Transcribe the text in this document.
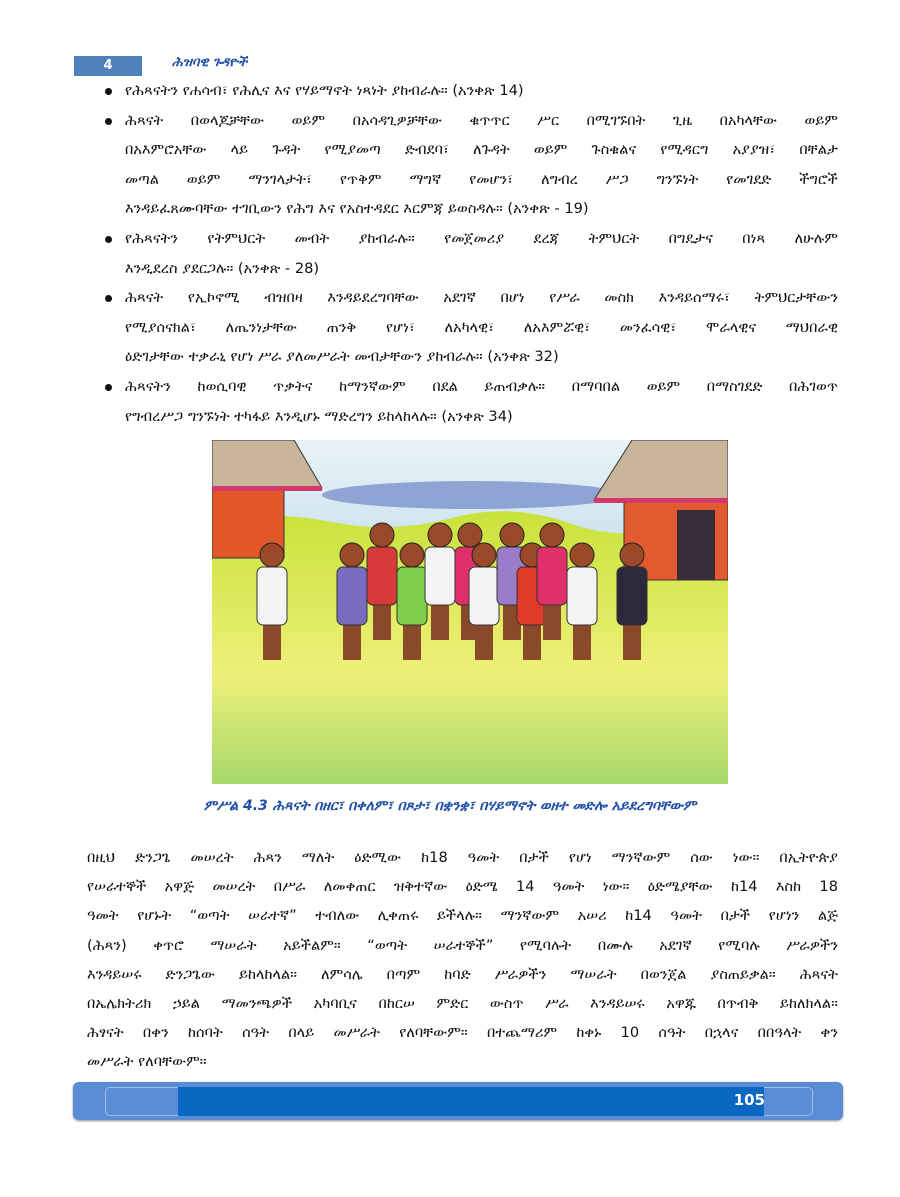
4	ሕዝባዊ ጉዳዮች
የሕጻናትን የሐሳብ፣ የሕሊና እና የሃይማኖት ነጻነት ያከብራሉ። (አንቀጽ 14)
ሕጻናት በወላጆቻቸው ወይም በአሳዳጊዎቻቸው ቁጥጥር ሥር በሚገኙበት ጊዜ በአካላቸው ወይም
በአእምሮአቸው ላይ ጉዳት የሚያመጣ ድብደባ፣ ለጉዳት ወይም ጉስቁልና የሚዳርግ አያያዝ፣ በቸልታ
መጣል ወይም ማንገላታት፣ የጥቅም ማግኛ የመሆን፣ ለግብረ ሥጋ ግንኙነት የመገደድ ችግሮች
እንዳይፈጸሙባቸው ተገቢውን የሕግ እና የአስተዳደር እርምጃ ይወስዳሉ። (አንቀጽ - 19)
የሕጻናትን የትምህርት መብት ያከብራሉ። የመጀመሪያ ደረጃ ትምህርት በግዴታና በነጻ ለሁሉም
እንዲደረስ ያደርጋሉ። (አንቀጽ - 28)
ሕጻናት የኢኮኖሚ ብዝበዛ እንዳይደረግባቸው አደገኛ በሆነ የሥራ መስክ እንዳይሰማሩ፣ ትምህርታቸውን
የሚያሰናክል፣ ለጤንነታቸው ጠንቅ የሆነ፣ ለአካላዊ፣ ለአእምሯዊ፣ መንፈሳዊ፣ ሞራላዊና ማህበራዊ
ዕድገታቸው ተቃራኒ የሆነ ሥራ ያለመሥራት መብታቸውን ያከብራሉ። (አንቀጽ 32)
ሕጻናትን ከወሲባዊ ጥቃትና ከማንኛውም በደል ይጠብቃሉ። በማባበል ወይም በማስገደድ በሕገወጥ
የግብረሥጋ ግንኙነት ተካፋይ እንዲሆኑ ማድረግን ይከላከላሉ። (አንቀጽ 34)
ምሥል 4.3 ሕጻናት በዘር፣ በቀለም፣ በጾታ፣ በቋንቋ፣ በሃይማኖት ወዘተ መድሎ አይደረግባቸውም
በዚህ ድንጋጌ መሠረት ሕጻን ማለት ዕድሚው ከ18 ዓመት በታች የሆነ ማንኛውም ሰው ነው። በኢትዮጵያ
የሠራተኞች አዋጅ መሠረት በሥራ ለመቀጠር ዝቅተኛው ዕድሜ 14 ዓመት ነው። ዕድሜያቸው ከ14 እስከ 18
ዓመት የሆኑት “ወጣት ሠራተኛ” ተብለው ሊቀጠሩ ይችላሉ። ማንኛውም አሠሪ ከ14 ዓመት በታች የሆነን ልጅ
(ሕጻን) ቀጥሮ ማሠራት አይችልም። “ወጣት ሠራተኞች” የሚባሉት በሙሉ አደገኛ የሚባሉ ሥራዎችን
እንዳይሠሩ ድንጋጌው ይከላከላል። ለምሳሌ በጣም ከባድ ሥራዎችን ማሠራት በወንጀል ያስጠይቃል። ሕጻናት
በኤሌክትሪክ ኃይል ማመንጫዎች አካባቢና በከርሠ ምድር ውስጥ ሥራ እንዳይሠሩ አዋጁ በጥብቅ ይከለክላል።
ሕፃናት በቀን ከሰባት ሰዓት በላይ መሥራት የለባቸውም። በተጨማሪም ከቀኑ 10 ሰዓት በኋላና በበዓላት ቀን
መሥራት የለባቸውም።
105
